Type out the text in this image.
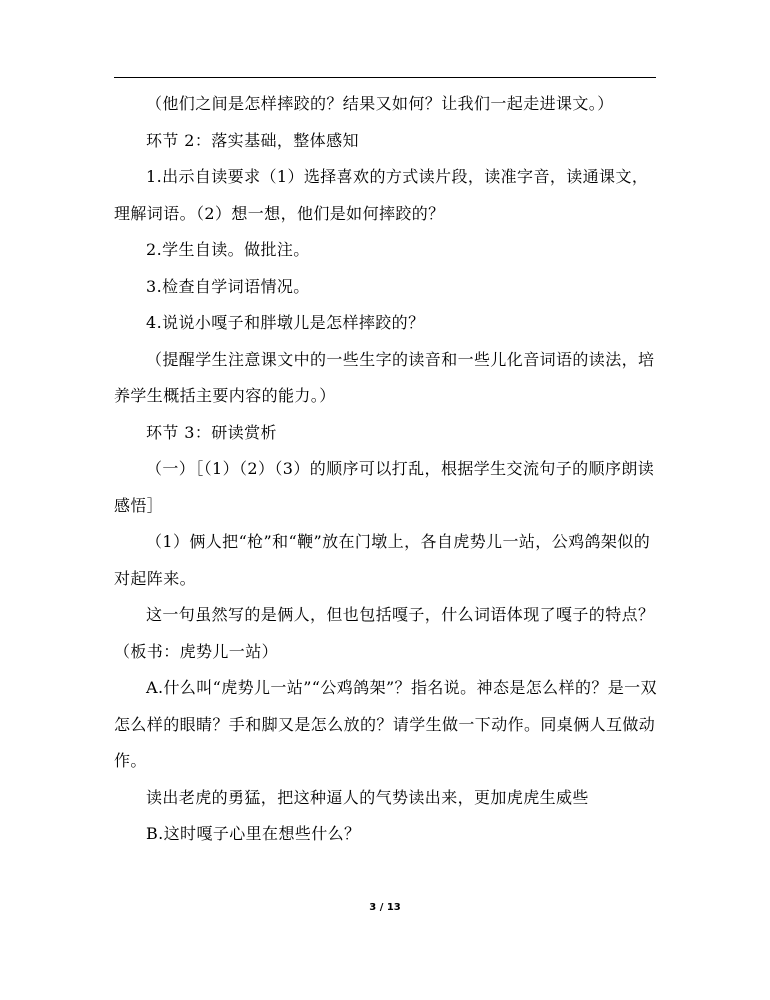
（他们之间是怎样摔跤的？结果又如何？让我们一起走进课文。）

环节 2：落实基础，整体感知

1.出示自读要求（1）选择喜欢的方式读片段，读准字音，读通课文，理解词语。（2）想一想，他们是如何摔跤的？

2.学生自读。做批注。

3.检查自学词语情况。

4.说说小嘎子和胖墩儿是怎样摔跤的？

（提醒学生注意课文中的一些生字的读音和一些儿化音词语的读法，培养学生概括主要内容的能力。）

环节 3：研读赏析

（一）［（1）（2）（3）的顺序可以打乱，根据学生交流句子的顺序朗读感悟］

（1）俩人把“枪”和“鞭”放在门墩上，各自虎势儿一站，公鸡鸽架似的对起阵来。

这一句虽然写的是俩人，但也包括嘎子，什么词语体现了嘎子的特点？（板书：虎势儿一站）

A.什么叫“虎势儿一站”“公鸡鸽架”？指名说。神态是怎么样的？是一双怎么样的眼睛？手和脚又是怎么放的？请学生做一下动作。同桌俩人互做动作。

读出老虎的勇猛，把这种逼人的气势读出来，更加虎虎生威些

B.这时嘎子心里在想些什么？

3 / 13
